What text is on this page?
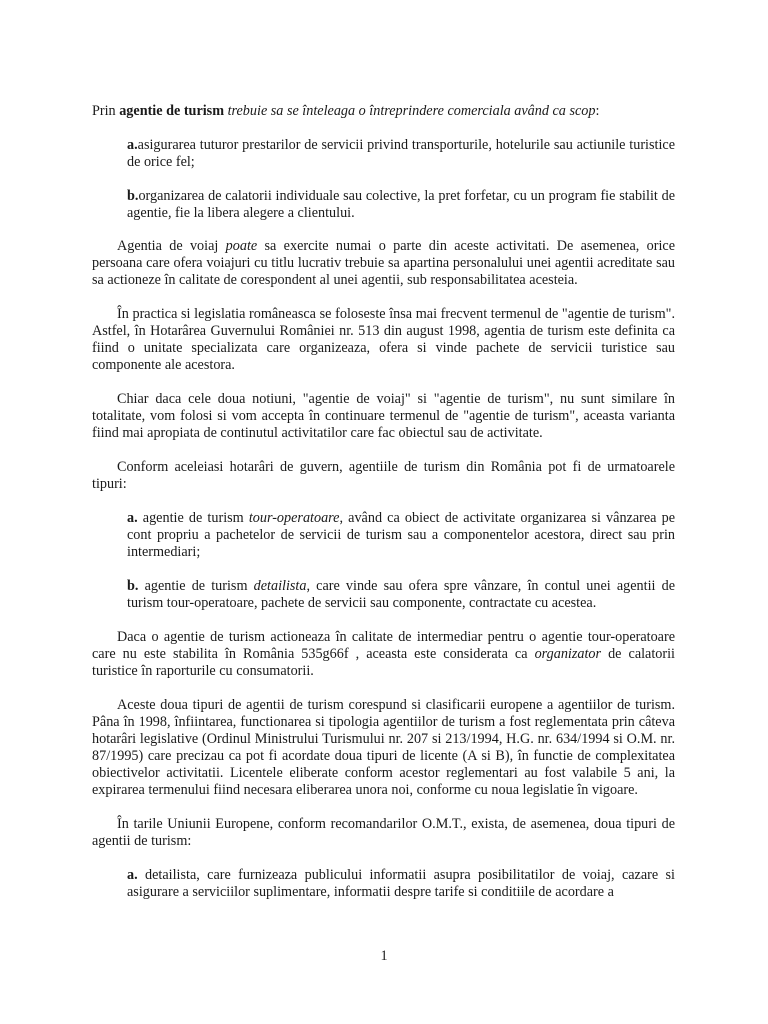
Prin agentie de turism trebuie sa se înteleaga o întreprindere comerciala având ca scop:

a.asigurarea tuturor prestarilor de servicii privind transporturile, hotelurile sau actiunile turistice de orice fel;

b.organizarea de calatorii individuale sau colective, la pret forfetar, cu un program fie stabilit de agentie, fie la libera alegere a clientului.

Agentia de voiaj poate sa exercite numai o parte din aceste activitati. De asemenea, orice persoana care ofera voiajuri cu titlu lucrativ trebuie sa apartina personalului unei agentii acreditate sau sa actioneze în calitate de corespondent al unei agentii, sub responsabilitatea acesteia.

În practica si legislatia româneasca se foloseste însa mai frecvent termenul de "agentie de turism". Astfel, în Hotarârea Guvernului României nr. 513 din august 1998, agentia de turism este definita ca fiind o unitate specializata care organizeaza, ofera si vinde pachete de servicii turistice sau componente ale acestora.

Chiar daca cele doua notiuni, "agentie de voiaj" si "agentie de turism", nu sunt similare în totalitate, vom folosi si vom accepta în continuare termenul de "agentie de turism", aceasta varianta fiind mai apropiata de continutul activitatilor care fac obiectul sau de activitate.

Conform aceleiasi hotarâri de guvern, agentiile de turism din România pot fi de urmatoarele tipuri:

a. agentie de turism tour-operatoare, având ca obiect de activitate organizarea si vânzarea pe cont propriu a pachetelor de servicii de turism sau a componentelor acestora, direct sau prin intermediari;

b. agentie de turism detailista, care vinde sau ofera spre vânzare, în contul unei agentii de turism tour-operatoare, pachete de servicii sau componente, contractate cu acestea.

Daca o agentie de turism actioneaza în calitate de intermediar pentru o agentie tour-operatoare care nu este stabilita în România 535g66f , aceasta este considerata ca organizator de calatorii turistice în raporturile cu consumatorii.

Aceste doua tipuri de agentii de turism corespund si clasificarii europene a agentiilor de turism. Pâna în 1998, înfiintarea, functionarea si tipologia agentiilor de turism a fost reglementata prin câteva hotarâri legislative (Ordinul Ministrului Turismului nr. 207 si 213/1994, H.G. nr. 634/1994 si O.M. nr. 87/1995) care precizau ca pot fi acordate doua tipuri de licente (A si B), în functie de complexitatea obiectivelor activitatii. Licentele eliberate conform acestor reglementari au fost valabile 5 ani, la expirarea termenului fiind necesara eliberarea unora noi, conforme cu noua legislatie în vigoare.

În tarile Uniunii Europene, conform recomandarilor O.M.T., exista, de asemenea, doua tipuri de agentii de turism:

a. detailista, care furnizeaza publicului informatii asupra posibilitatilor de voiaj, cazare si asigurare a serviciilor suplimentare, informatii despre tarife si conditiile de acordare a

1
